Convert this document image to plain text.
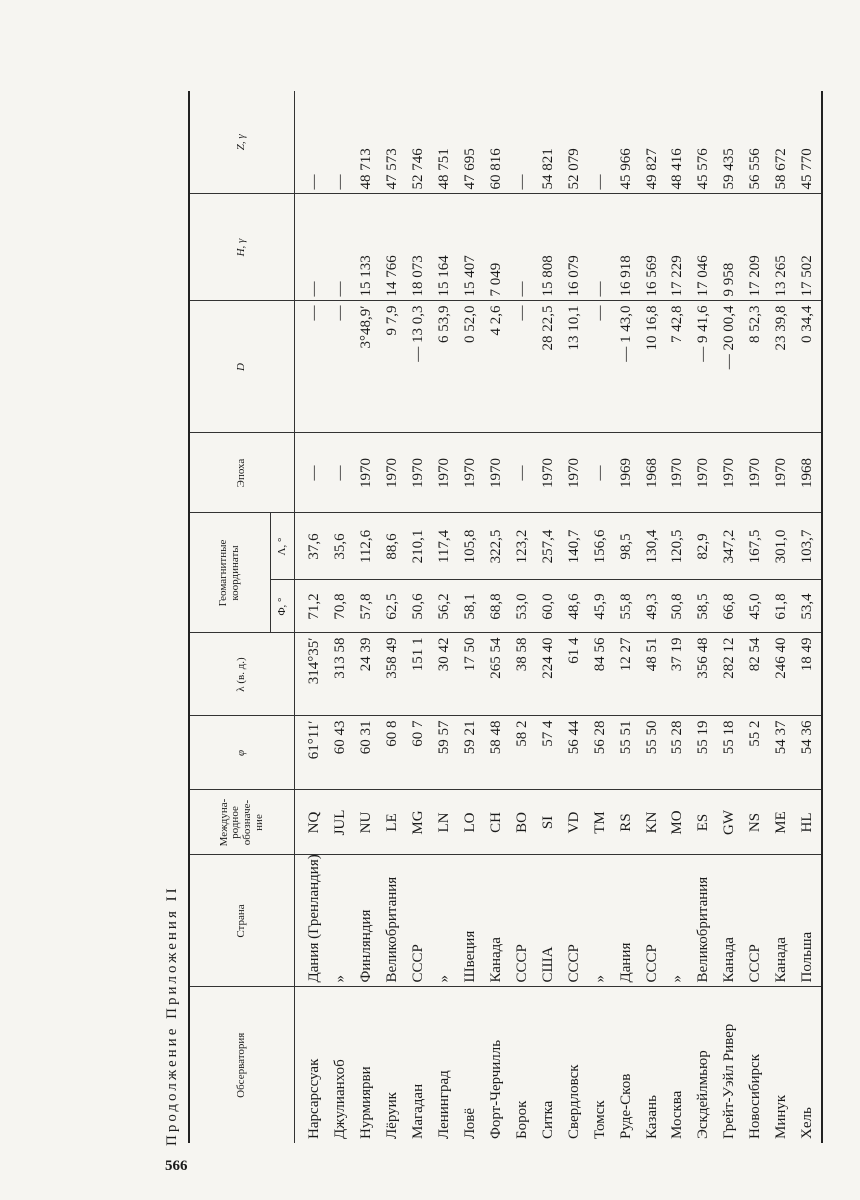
566
Продолжение Приложения II	Обсерватория	Страна	Междуна-родное обозначе-ние	φ	λ (в. д.)	Геомагнитные координаты		Эпоха	D	H, γ	Z, γ
					Φ, °	Λ, °				
Нарсарссуак	Дания (Гренландия)	NQ	61°11′	314°35′	71,2	37,6	—	—	—	—
Джулианхоб	»	JUL	60 43	313 58	70,8	35,6	—	—	—	—
Нурмиярви	Финляндия	NU	60 31	24 39	57,8	112,6	1970	3°48,9′	15 133	48 713
Лёруик	Великобритания	LE	60 8	358 49	62,5	88,6	1970	9 7,9	14 766	47 573
Магадан	СССР	MG	60 7	151 1	50,6	210,1	1970	— 13 0,3	18 073	52 746
Ленинград	»	LN	59 57	30 42	56,2	117,4	1970	6 53,9	15 164	48 751
Ловё	Швеция	LO	59 21	17 50	58,1	105,8	1970	0 52,0	15 407	47 695
Форт-Черчилль	Канада	CH	58 48	265 54	68,8	322,5	1970	4 2,6	7 049	60 816
Борок	СССР	BO	58 2	38 58	53,0	123,2	—	—	—	—
Ситка	США	SI	57 4	224 40	60,0	257,4	1970	28 22,5	15 808	54 821
Свердловск	СССР	VD	56 44	61 4	48,6	140,7	1970	13 10,1	16 079	52 079
Томск	»	TM	56 28	84 56	45,9	156,6	—	—	—	—
Руде-Сков	Дания	RS	55 51	12 27	55,8	98,5	1969	— 1 43,0	16 918	45 966
Казань	СССР	KN	55 50	48 51	49,3	130,4	1968	10 16,8	16 569	49 827
Москва	»	MO	55 28	37 19	50,8	120,5	1970	7 42,8	17 229	48 416
Эскдейлмьюр	Великобритания	ES	55 19	356 48	58,5	82,9	1970	— 9 41,6	17 046	45 576
Грейт-Уэйл Ривер	Канада	GW	55 18	282 12	66,8	347,2	1970	— 20 00,4	9 958	59 435
Новосибирск	СССР	NS	55 2	82 54	45,0	167,5	1970	8 52,3	17 209	56 556
Минук	Канада	ME	54 37	246 40	61,8	301,0	1970	23 39,8	13 265	58 672
Хель	Польша	HL	54 36	18 49	53,4	103,7	1968	0 34,4	17 502	45 770
